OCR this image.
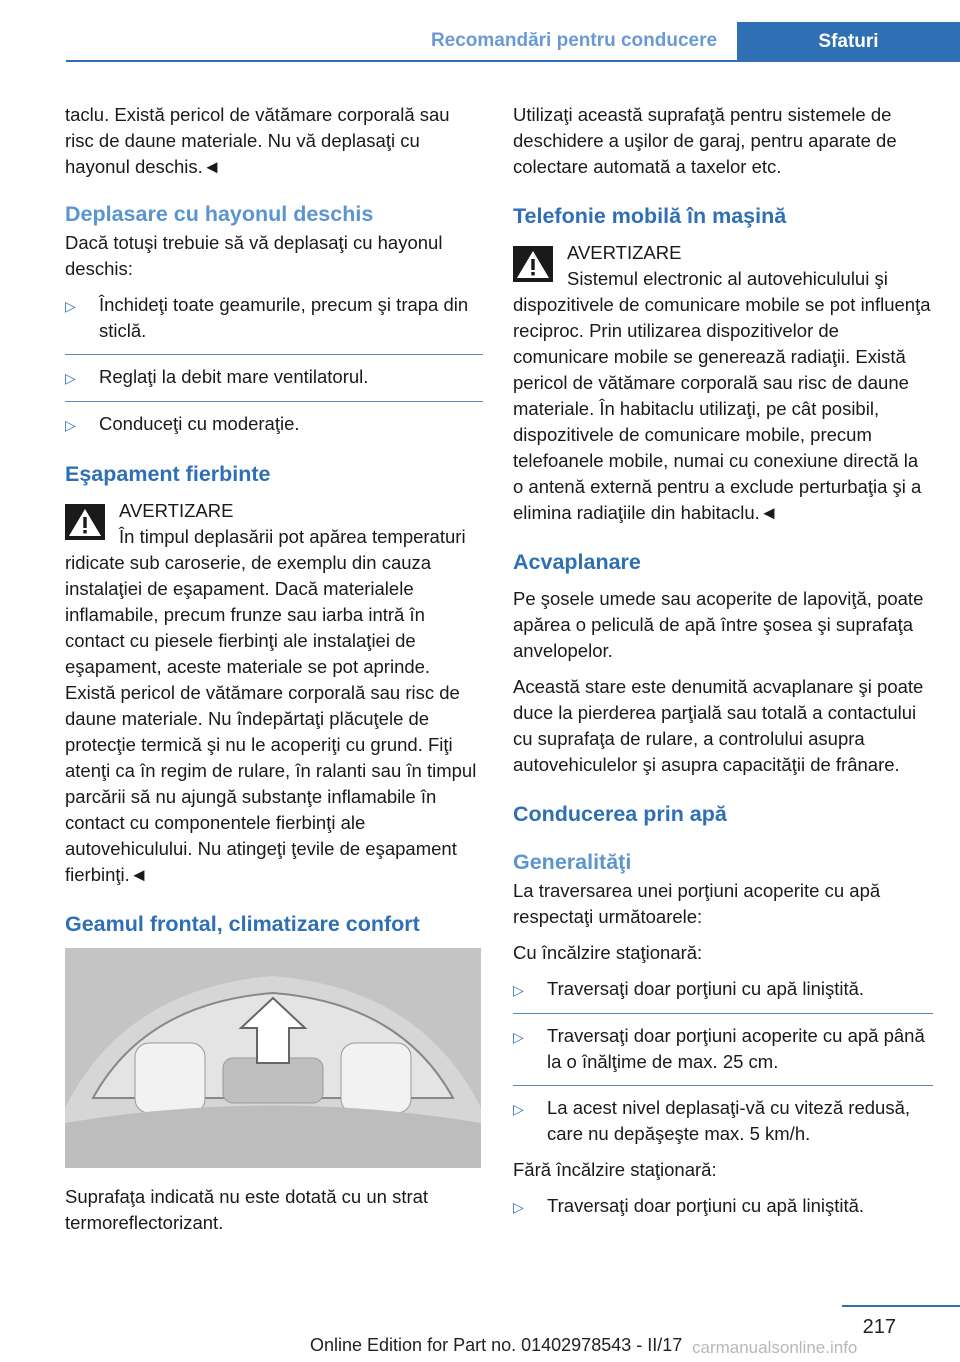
Recomandări pentru conducere	Sfaturi

taclu. Există pericol de vătămare corporală sau risc de daune materiale. Nu vă deplasaţi cu hayonul deschis.◄

Deplasare cu hayonul deschis

Dacă totuşi trebuie să vă deplasaţi cu hayonul deschis:

▷	Închideţi toate geamurile, precum şi trapa din sticlă.
▷	Reglaţi la debit mare ventilatorul.
▷	Conduceţi cu moderaţie.
Eşapament fierbinte
AVERTIZARE
În timpul deplasării pot apărea temperaturi ridicate sub caroserie, de exemplu din cauza instalaţiei de eşapament. Dacă materialele inflamabile, precum frunze sau iarba intră în contact cu piesele fierbinţi ale instalaţiei de eşapament, aceste materiale se pot aprinde. Există pericol de vătămare corporală sau risc de daune materiale. Nu îndepărtaţi plăcuţele de protecţie termică şi nu le acoperiţi cu grund. Fiţi atenţi ca în regim de rulare, în ralanti sau în timpul parcării să nu ajungă substanţe inflamabile în contact cu componentele fierbinţi ale autovehiculului. Nu atingeţi ţevile de eşapament fierbinţi.◄
Geamul frontal, climatizare confort

Suprafaţa indicată nu este dotată cu un strat termoreflectorizant.

Utilizaţi această suprafaţă pentru sistemele de deschidere a uşilor de garaj, pentru aparate de colectare automată a taxelor etc.

Telefonie mobilă în maşină
AVERTIZARE
Sistemul electronic al autovehiculului şi dispozitivele de comunicare mobile se pot influenţa reciproc. Prin utilizarea dispozitivelor de comunicare mobile se generează radiaţii. Există pericol de vătămare corporală sau risc de daune materiale. În habitaclu utilizaţi, pe cât posibil, dispozitivele de comunicare mobile, precum telefoanele mobile, numai cu conexiune directă la o antenă externă pentru a exclude perturbaţia şi a elimina radiaţiile din habitaclu.◄
Acvaplanare

Pe şosele umede sau acoperite de lapoviţă, poate apărea o peliculă de apă între şosea şi suprafaţa anvelopelor.

Această stare este denumită acvaplanare şi poate duce la pierderea parţială sau totală a contactului cu suprafaţa de rulare, a controlului asupra autovehiculelor şi asupra capacităţii de frânare.

Conducerea prin apă
Generalităţi

La traversarea unei porţiuni acoperite cu apă respectaţi următoarele:

Cu încălzire staţionară:

▷	Traversaţi doar porţiuni cu apă liniştită.
▷	Traversaţi doar porţiuni acoperite cu apă până la o înălţime de max. 25 cm.
▷	La acest nivel deplasaţi-vă cu viteză redusă, care nu depăşeşte max. 5 km/h.

Fără încălzire staţionară:

▷	Traversaţi doar porţiuni cu apă liniştită.
217
Online Edition for Part no. 01402978543 - II/17 carmanualsonline.info
